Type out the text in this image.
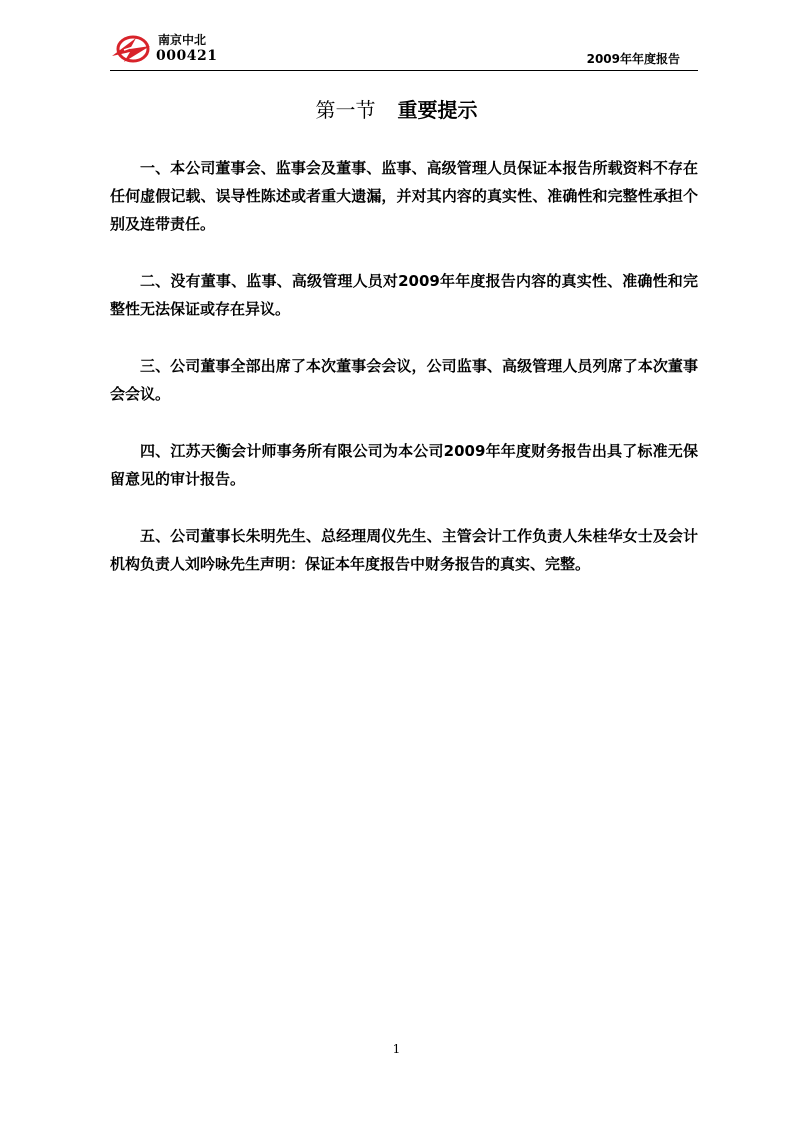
南京中北
000421	2009年年度报告
第一节 重要提示

一、本公司董事会、监事会及董事、监事、高级管理人员保证本报告所载资料不存在任何虚假记载、误导性陈述或者重大遗漏，并对其内容的真实性、准确性和完整性承担个别及连带责任。

二、没有董事、监事、高级管理人员对2009年年度报告内容的真实性、准确性和完整性无法保证或存在异议。

三、公司董事全部出席了本次董事会会议，公司监事、高级管理人员列席了本次董事会会议。

四、江苏天衡会计师事务所有限公司为本公司2009年年度财务报告出具了标准无保留意见的审计报告。

五、公司董事长朱明先生、总经理周仪先生、主管会计工作负责人朱桂华女士及会计机构负责人刘吟咏先生声明：保证本年度报告中财务报告的真实、完整。

1
